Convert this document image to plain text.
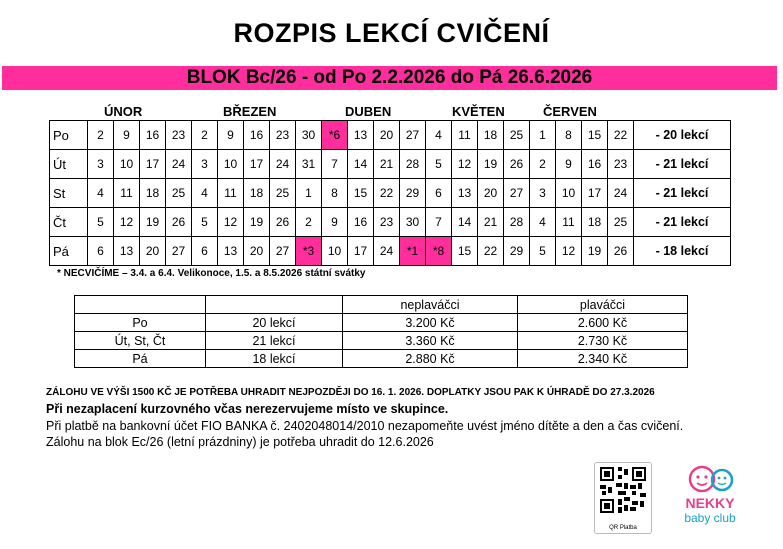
ROZPIS LEKCÍ CVIČENÍ
BLOK Bc/26 - od Po 2.2.2026 do Pá 26.6.2026
ÚNOR	BŘEZEN	DUBEN	KVĚTEN	ČERVEN
Po	2	9	16	23	2	9	16	23	30	*6	13	20	27	4	11	18	25	1	8	15	22	- 20 lekcí
Út	3	10	17	24	3	10	17	24	31	7	14	21	28	5	12	19	26	2	9	16	23	- 21 lekcí
St	4	11	18	25	4	11	18	25	1	8	15	22	29	6	13	20	27	3	10	17	24	- 21 lekcí
Čt	5	12	19	26	5	12	19	26	2	9	16	23	30	7	14	21	28	4	11	18	25	- 21 lekcí
Pá	6	13	20	27	6	13	20	27	*3	10	17	24	*1	*8	15	22	29	5	12	19	26	- 18 lekcí
* NECVIČÍME – 3.4. a 6.4. Velikonoce, 1.5. a 8.5.2026 státní svátky
		neplaváčci	plaváčci
Po	20 lekcí	3.200 Kč	2.600 Kč
Út, St, Čt	21 lekcí	3.360 Kč	2.730 Kč
Pá	18 lekcí	2.880 Kč	2.340 Kč
ZÁLOHU VE VÝŠI 1500 KČ JE POTŘEBA UHRADIT NEJPOZDĚJI DO 16. 1. 2026. DOPLATKY JSOU PAK K ÚHRADĚ DO 27.3.2026
Při nezaplacení kurzovného včas nerezervujeme místo ve skupince.
Při platbě na bankovní účet FIO BANKA č. 2402048014/2010 nezapomeňte uvést jméno dítěte a den a čas cvičení.
Zálohu na blok Ec/26 (letní prázdniny) je potřeba uhradit do 12.6.2026
QR Platba
NEKKY
baby club
